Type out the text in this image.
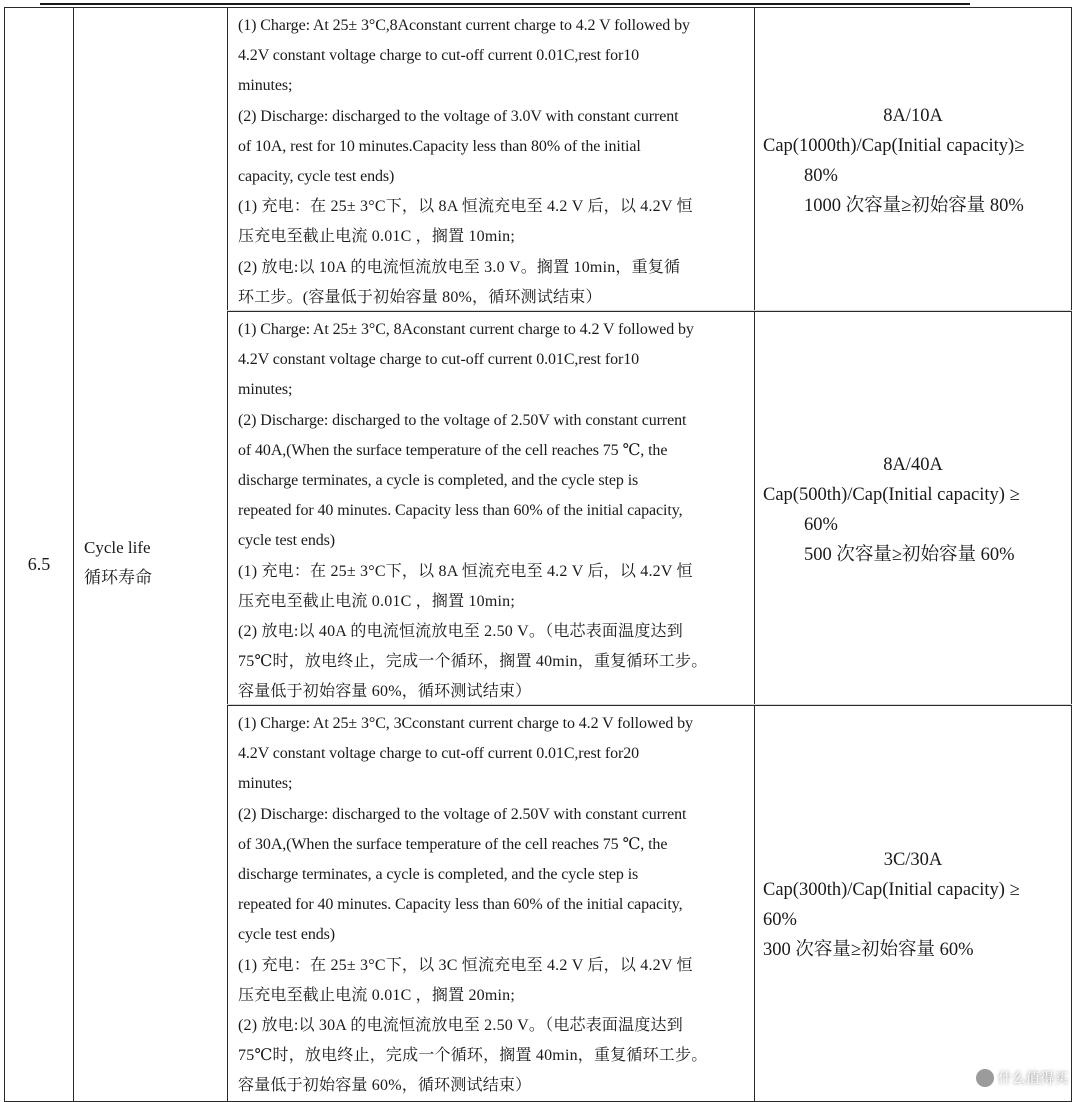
6.5
Cycle life
循环寿命
(1) Charge: At 25± 3°C,8Aconstant current charge to 4.2 V followed by
4.2V constant voltage charge to cut-off current 0.01C,rest for10
minutes;
(2) Discharge: discharged to the voltage of 3.0V with constant current
of 10A, rest for 10 minutes.Capacity less than 80% of the initial
capacity, cycle test ends)
(1) 充电：在 25± 3°C下，以 8A 恒流充电至 4.2 V 后，以 4.2V 恒
压充电至截止电流 0.01C ，搁置 10min;
(2) 放电:以 10A 的电流恒流放电至 3.0 V。搁置 10min，重复循
环工步。(容量低于初始容量 80%，循环测试结束）
8A/10A
Cap(1000th)/Cap(Initial capacity)≥
80%
1000 次容量≥初始容量 80%
(1) Charge: At 25± 3°C, 8Aconstant current charge to 4.2 V followed by
4.2V constant voltage charge to cut-off current 0.01C,rest for10
minutes;
(2) Discharge: discharged to the voltage of 2.50V with constant current
of 40A,(When the surface temperature of the cell reaches 75 ℃, the
discharge terminates, a cycle is completed, and the cycle step is
repeated for 40 minutes. Capacity less than 60% of the initial capacity,
cycle test ends)
(1) 充电：在 25± 3°C下，以 8A 恒流充电至 4.2 V 后，以 4.2V 恒
压充电至截止电流 0.01C ，搁置 10min;
(2) 放电:以 40A 的电流恒流放电至 2.50 V。（电芯表面温度达到
75℃时，放电终止，完成一个循环，搁置 40min，重复循环工步。
容量低于初始容量 60%，循环测试结束）
8A/40A
Cap(500th)/Cap(Initial capacity) ≥
60%
500 次容量≥初始容量 60%
(1) Charge: At 25± 3°C, 3Cconstant current charge to 4.2 V followed by
4.2V constant voltage charge to cut-off current 0.01C,rest for20
minutes;
(2) Discharge: discharged to the voltage of 2.50V with constant current
of 30A,(When the surface temperature of the cell reaches 75 ℃, the
discharge terminates, a cycle is completed, and the cycle step is
repeated for 40 minutes. Capacity less than 60% of the initial capacity,
cycle test ends)
(1) 充电：在 25± 3°C下，以 3C 恒流充电至 4.2 V 后，以 4.2V 恒
压充电至截止电流 0.01C ，搁置 20min;
(2) 放电:以 30A 的电流恒流放电至 2.50 V。（电芯表面温度达到
75℃时，放电终止，完成一个循环，搁置 40min，重复循环工步。
容量低于初始容量 60%，循环测试结束）
3C/30A
Cap(300th)/Cap(Initial capacity) ≥
60%
300 次容量≥初始容量 60%
什么值得买
